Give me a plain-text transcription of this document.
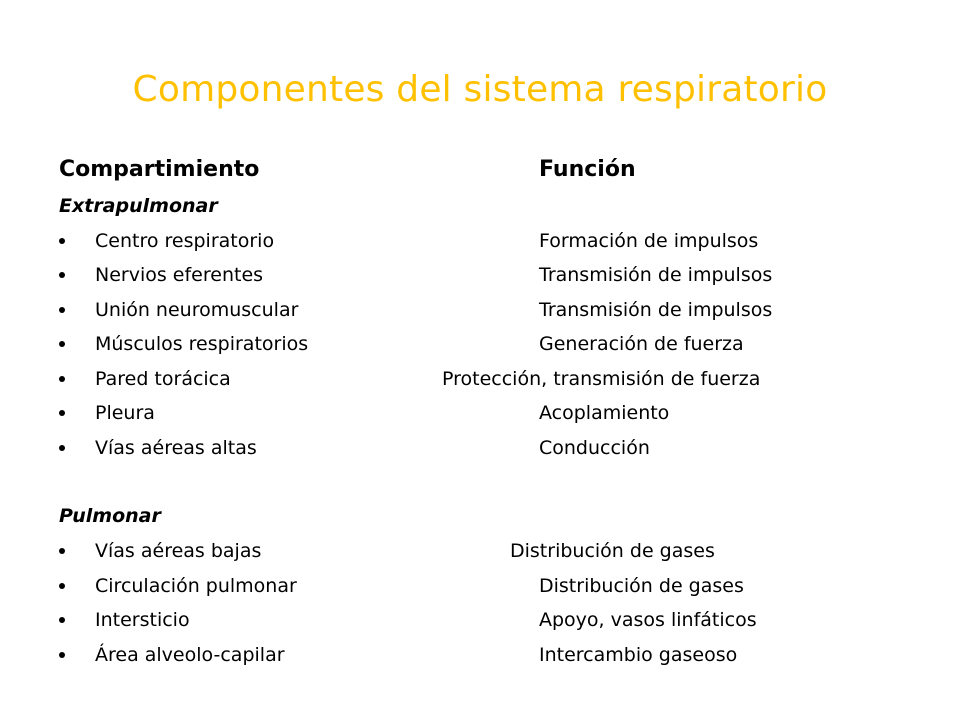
Componentes del sistema respiratorio
Compartimiento	Función
Extrapulmonar
Centro respiratorio	Formación de impulsos
Nervios eferentes	Transmisión de impulsos
Unión neuromuscular	Transmisión de impulsos
Músculos respiratorios	Generación de fuerza
Pared torácica	Protección, transmisión de fuerza
Pleura	Acoplamiento
Vías aéreas altas	Conducción
Pulmonar
Vías aéreas bajas	Distribución de gases
Circulación pulmonar	Distribución de gases
Intersticio	Apoyo, vasos linfáticos
Área alveolo-capilar	Intercambio gaseoso
